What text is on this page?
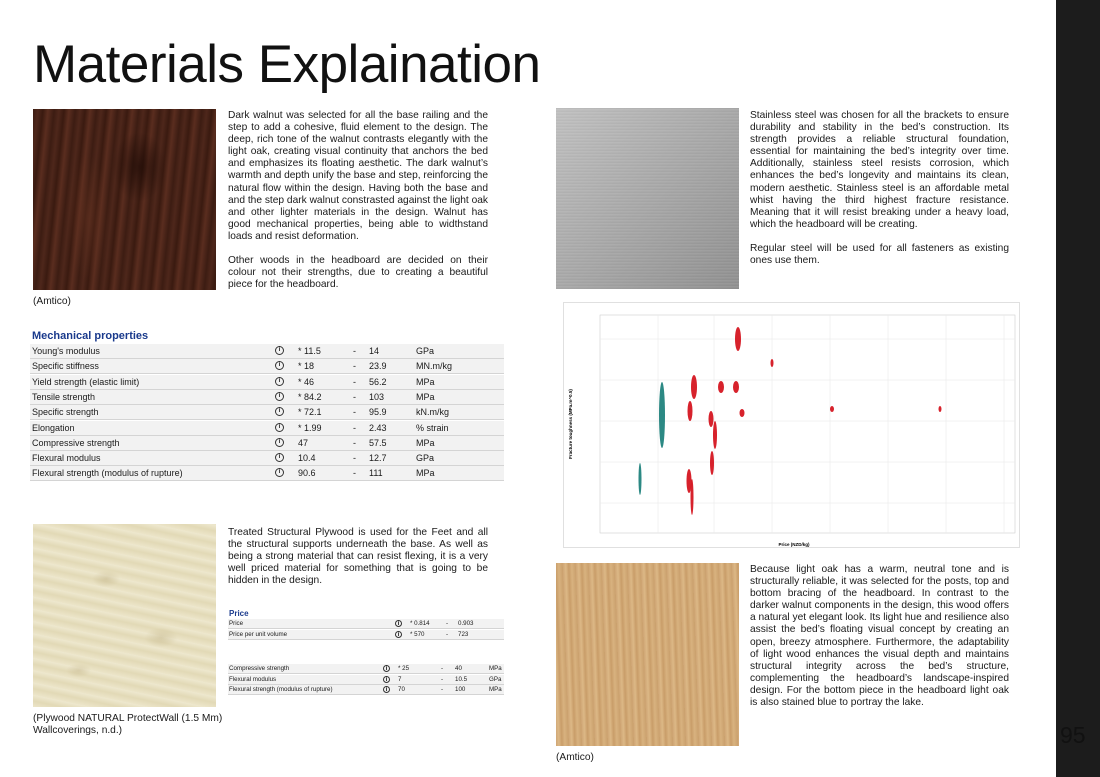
Materials Explaination
95
(Amtico)

Dark walnut was selected for all the base railing and the step to add a cohesive, fluid element to the design. The deep, rich tone of the walnut contrasts elegantly with the light oak, creating visual continuity that anchors the bed and emphasizes its floating aesthetic. The dark walnut’s warmth and depth unify the base and step, reinforcing the natural flow within the design. Having both the base and and the step dark walnut constrasted against the light oak and other lighter materials in the design. Walnut has good mechanical properties, being able to widthstand loads and resist deformation.

Other woods in the headboard are decided on their colour not their strengths, due to creating a beautiful piece for the headboard.

Mechanical properties
Young's modulus	i	* 11.5	- 14	GPa
Specific stiffness	i	* 18	- 23.9	MN.m/kg
Yield strength (elastic limit)	i	* 46	- 56.2	MPa
Tensile strength	i	* 84.2	- 103	MPa
Specific strength	i	* 72.1	- 95.9	kN.m/kg
Elongation	i	* 1.99	- 2.43	% strain
Compressive strength	i	47	- 57.5	MPa
Flexural modulus	i	10.4	- 12.7	GPa
Flexural strength (modulus of rupture)	i	90.6	- 111	MPa

Stainless steel was chosen for all the brackets to ensure durability and stability in the bed’s construction. Its strength provides a reliable structural foundation, essential for maintaining the bed’s integrity over time. Additionally, stainless steel resists corrosion, which enhances the bed’s longevity and maintains its clean, modern aesthetic. Stainless steel is an affordable metal whist having the third highest fracture resistance. Meaning that it will resist breaking under a heavy load, which the headboard will be creating.

Regular steel will be used for all fasteners as existing ones use them.

Price (NZD/kg)
Fracture toughness (MPa.m^0.5)
(Plywood NATURAL ProtectWall (1.5 Mm) Wallcoverings, n.d.)

Treated Structural Plywood is used for the Feet and all the structural supports underneath the base. As well as being a strong material that can resist flexing, it is a very well priced material for something that is going to be hidden in the design.

Price
Price	i	* 0.814	- 0.903
Price per unit volume	i	* 570	- 723
Compressive strength	i	* 25	- 40	MPa
Flexural modulus	i	7	- 10.5	GPa
Flexural strength (modulus of rupture)	i	70	- 100	MPa
(Amtico)

Because light oak has a warm, neutral tone and is structurally reliable, it was selected for the posts, top and bottom bracing of the headboard. In contrast to the darker walnut components in the design, this wood offers a natural yet elegant look. Its light hue and resilience also assist the bed’s floating visual concept by creating an open, breezy atmosphere. Furthermore, the adaptability of light wood enhances the visual depth and maintains structural integrity across the bed’s structure, complementing the headboard’s landscape-inspired design. For the bottom piece in the headboard light oak is also stained blue to portray the lake.
